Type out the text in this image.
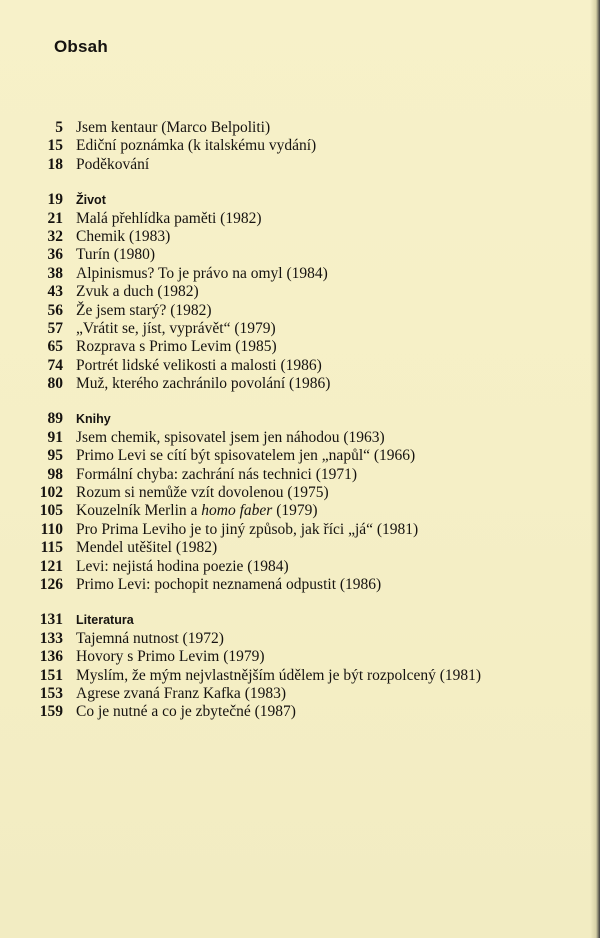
Obsah
5 Jsem kentaur (Marco Belpoliti)
15 Ediční poznámka (k italskému vydání)
18 Poděkování
19	Život
21 Malá přehlídka paměti (1982)
32 Chemik (1983)
36 Turín (1980)
38 Alpinismus? To je právo na omyl (1984)
43 Zvuk a duch (1982)
56 Že jsem starý? (1982)
57 „Vrátit se, jíst, vyprávět“ (1979)
65 Rozprava s Primo Levim (1985)
74 Portrét lidské velikosti a malosti (1986)
80 Muž, kterého zachránilo povolání (1986)
89	Knihy
91 Jsem chemik, spisovatel jsem jen náhodou (1963)
95 Primo Levi se cítí být spisovatelem jen „napůl“ (1966)
98 Formální chyba: zachrání nás technici (1971)
102 Rozum si nemůže vzít dovolenou (1975)
105 Kouzelník Merlin a homo faber (1979)
110 Pro Prima Leviho je to jiný způsob, jak říci „já“ (1981)
115 Mendel utěšitel (1982)
121 Levi: nejistá hodina poezie (1984)
126 Primo Levi: pochopit neznamená odpustit (1986)
131	Literatura
133 Tajemná nutnost (1972)
136 Hovory s Primo Levim (1979)
151 Myslím, že mým nejvlastnějším údělem je být rozpolcený (1981)
153 Agrese zvaná Franz Kafka (1983)
159 Co je nutné a co je zbytečné (1987)
